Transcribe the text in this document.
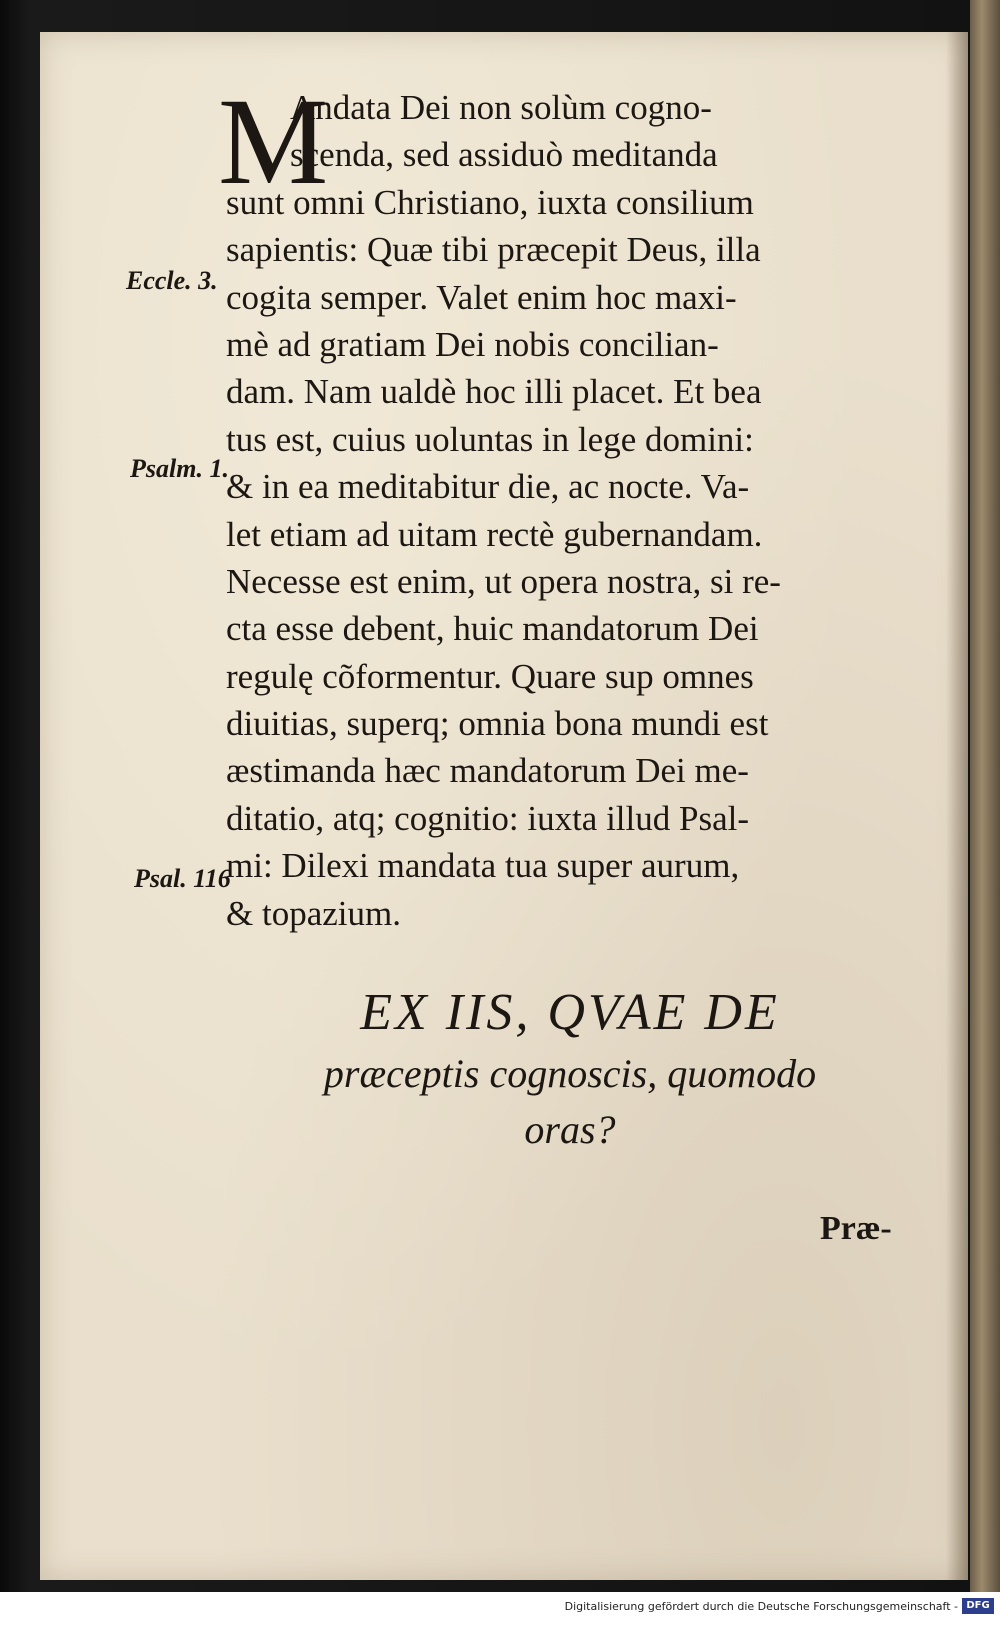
M
Andata Dei non solùm cogno‐
scenda, sed assiduò meditanda
sunt omni Christiano, iuxta consilium
sapientis: Quæ tibi præcepit Deus, illa
cogita semper. Valet enim hoc maxi‐
mè ad gratiam Dei nobis concilian‐
dam. Nam ualdè hoc illi placet. Et bea
tus est, cuius uoluntas in lege domini:
& in ea meditabitur die, ac nocte. Va‐
let etiam ad uitam rectè gubernandam.
Necesse est enim, ut opera nostra, si re‐
cta esse debent, huic mandatorum Dei
regulę cõformentur. Quare sup omnes
diuitias, superq; omnia bona mundi est
æstimanda hæc mandatorum Dei me‐
ditatio, atq; cognitio: iuxta illud Psal‐
mi: Dilexi mandata tua super aurum,
& topazium.
Eccle. 3.
Psalm. 1.
Psal. 116
EX IIS, QVAE DE
præceptis cognoscis, quomodo
oras?
Præ‐
Digitalisierung gefördert durch die Deutsche Forschungsgemeinschaft - DFG
